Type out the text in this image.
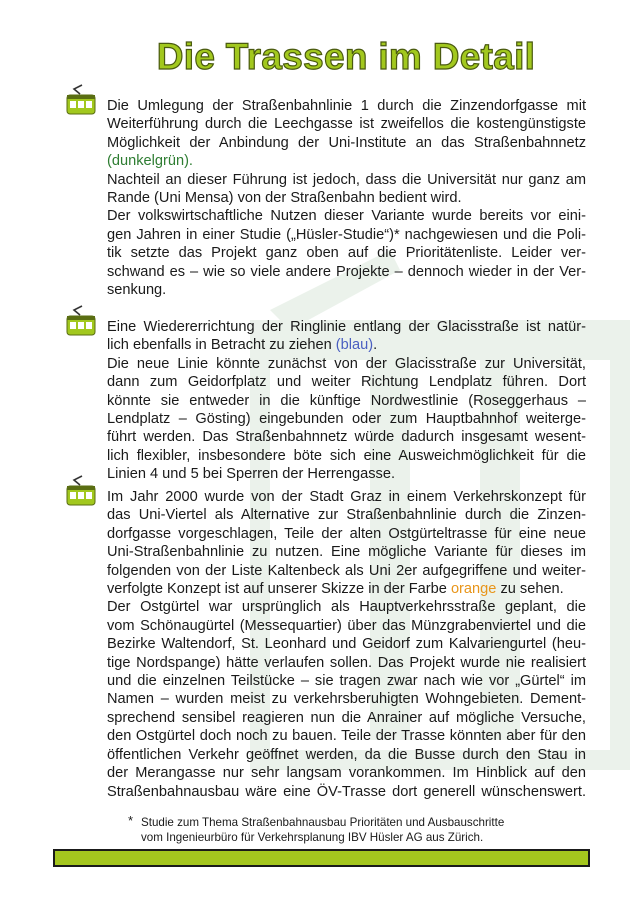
Die Trassen im Detail
Die Umlegung der Straßenbahnlinie 1 durch die Zinzendorfgasse mit
Weiterführung durch die Leechgasse ist zweifellos die kostengünstigste
Möglichkeit der Anbindung der Uni-Institute an das Straßenbahnnetz
(dunkelgrün).
Nachteil an dieser Führung ist jedoch, dass die Universität nur ganz am
Rande (Uni Mensa) von der Straßenbahn bedient wird.
Der volkswirtschaftliche Nutzen dieser Variante wurde bereits vor eini-
gen Jahren in einer Studie („Hüsler-Studie“)* nachgewiesen und die Poli-
tik setzte das Projekt ganz oben auf die Prioritätenliste. Leider ver-
schwand es – wie so viele andere Projekte – dennoch wieder in der Ver-
senkung.
Eine Wiedererrichtung der Ringlinie entlang der Glacisstraße ist natür-
lich ebenfalls in Betracht zu ziehen (blau).
Die neue Linie könnte zunächst von der Glacisstraße zur Universität,
dann zum Geidorfplatz und weiter Richtung Lendplatz führen. Dort
könnte sie entweder in die künftige Nordwestlinie (Roseggerhaus –
Lendplatz – Gösting) eingebunden oder zum Hauptbahnhof weiterge-
führt werden. Das Straßenbahnnetz würde dadurch insgesamt wesent-
lich flexibler, insbesondere böte sich eine Ausweichmöglichkeit für die
Linien 4 und 5 bei Sperren der Herrengasse.
Im Jahr 2000 wurde von der Stadt Graz in einem Verkehrskonzept für
das Uni-Viertel als Alternative zur Straßenbahnlinie durch die Zinzen-
dorfgasse vorgeschlagen, Teile der alten Ostgürteltrasse für eine neue
Uni-Straßenbahnlinie zu nutzen. Eine mögliche Variante für dieses im
folgenden von der Liste Kaltenbeck als Uni 2er aufgegriffene und weiter-
verfolgte Konzept ist auf unserer Skizze in der Farbe orange zu sehen.
Der Ostgürtel war ursprünglich als Hauptverkehrsstraße geplant, die
vom Schönaugürtel (Messequartier) über das Münzgrabenviertel und die
Bezirke Waltendorf, St. Leonhard und Geidorf zum Kalvariengurtel (heu-
tige Nordspange) hätte verlaufen sollen. Das Projekt wurde nie realisiert
und die einzelnen Teilstücke – sie tragen zwar nach wie vor „Gürtel“ im
Namen – wurden meist zu verkehrsberuhigten Wohngebieten. Dement-
sprechend sensibel reagieren nun die Anrainer auf mögliche Versuche,
den Ostgürtel doch noch zu bauen. Teile der Trasse könnten aber für den
öffentlichen Verkehr geöffnet werden, da die Busse durch den Stau in
der Merangasse nur sehr langsam vorankommen. Im Hinblick auf den
Straßenbahnausbau wäre eine ÖV-Trasse dort generell wünschenswert.
* Studie zum Thema Straßenbahnausbau Prioritäten und Ausbauschritte
vom Ingenieurbüro für Verkehrsplanung IBV Hüsler AG aus Zürich.
